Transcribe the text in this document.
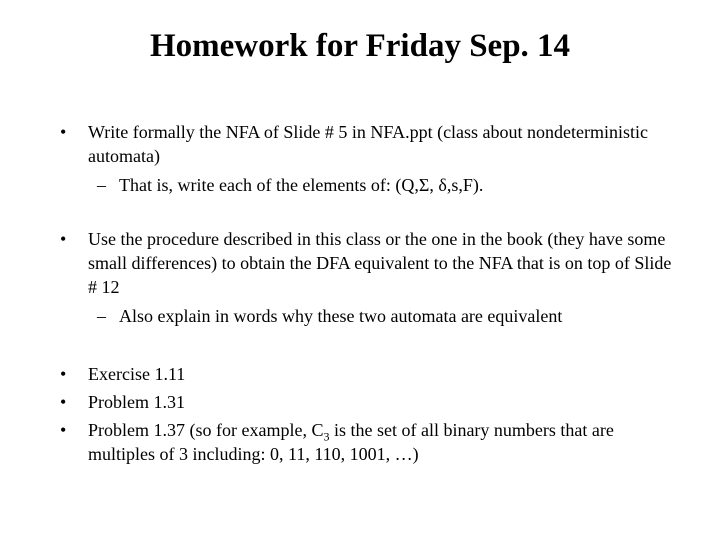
Homework for Friday Sep. 14
•	Write formally the NFA of Slide # 5 in NFA.ppt (class about nondeterministic automata)
– That is, write each of the elements of: (Q,Σ, δ,s,F).
•	Use the procedure described in this class or the one in the book (they have some small differences) to obtain the DFA equivalent to the NFA that is on top of Slide # 12
– Also explain in words why these two automata are equivalent
•	Exercise 1.11
•	Problem 1.31
•	Problem 1.37 (so for example, $C_3$ is the set of all binary numbers that are multiples of 3 including: 0, 11, 110, 1001, …)
